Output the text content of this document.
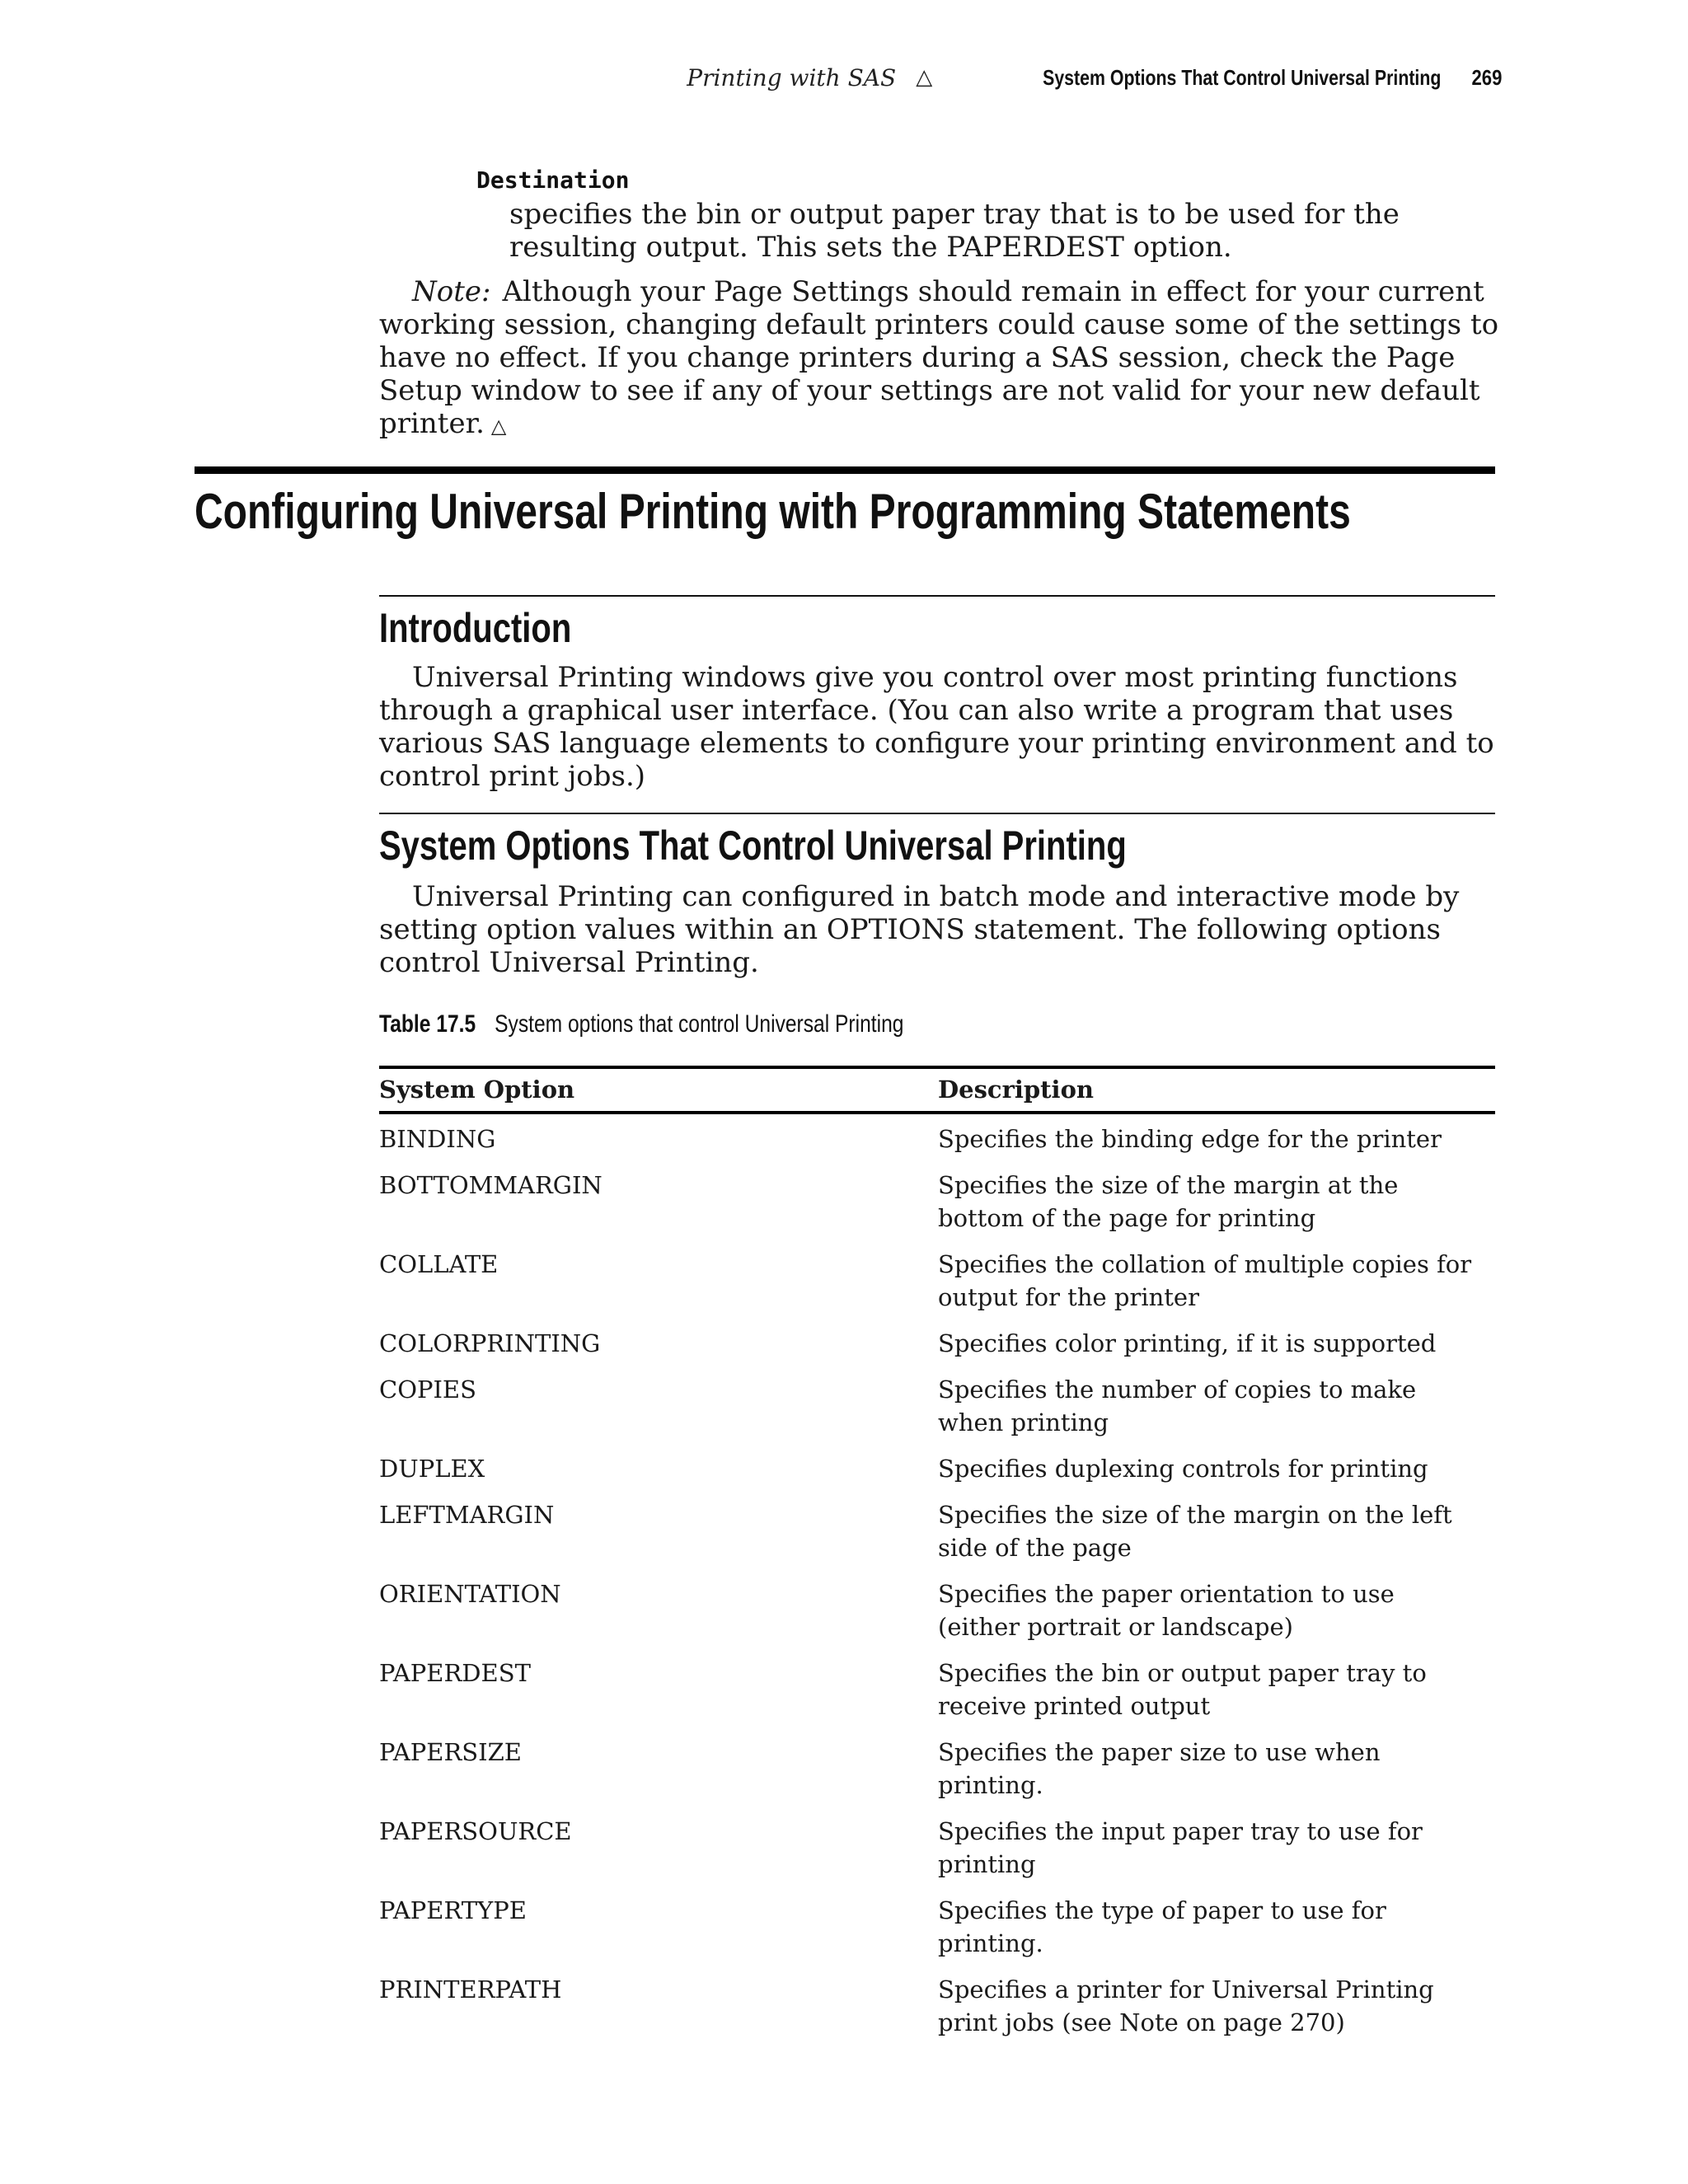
Printing with SAS △	System Options That Control Universal Printing 269
Destination
specifies the bin or output paper tray that is to be used for the resulting output. This sets the PAPERDEST option.
Note: Although your Page Settings should remain in effect for your current working session, changing default printers could cause some of the settings to have no effect. If you change printers during a SAS session, check the Page Setup window to see if any of your settings are not valid for your new default printer. △
Configuring Universal Printing with Programming Statements
Introduction
Universal Printing windows give you control over most printing functions through a graphical user interface. (You can also write a program that uses various SAS language elements to configure your printing environment and to control print jobs.)
System Options That Control Universal Printing
Universal Printing can configured in batch mode and interactive mode by setting option values within an OPTIONS statement. The following options control Universal Printing.
Table 17.5 System options that control Universal Printing
System Option	Description
BINDING	Specifies the binding edge for the printer
BOTTOMMARGIN	Specifies the size of the margin at the bottom of the page for printing
COLLATE	Specifies the collation of multiple copies for output for the printer
COLORPRINTING	Specifies color printing, if it is supported
COPIES	Specifies the number of copies to make when printing
DUPLEX	Specifies duplexing controls for printing
LEFTMARGIN	Specifies the size of the margin on the left side of the page
ORIENTATION	Specifies the paper orientation to use (either portrait or landscape)
PAPERDEST	Specifies the bin or output paper tray to receive printed output
PAPERSIZE	Specifies the paper size to use when printing.
PAPERSOURCE	Specifies the input paper tray to use for printing
PAPERTYPE	Specifies the type of paper to use for printing.
PRINTERPATH	Specifies a printer for Universal Printing print jobs (see Note on page 270)
